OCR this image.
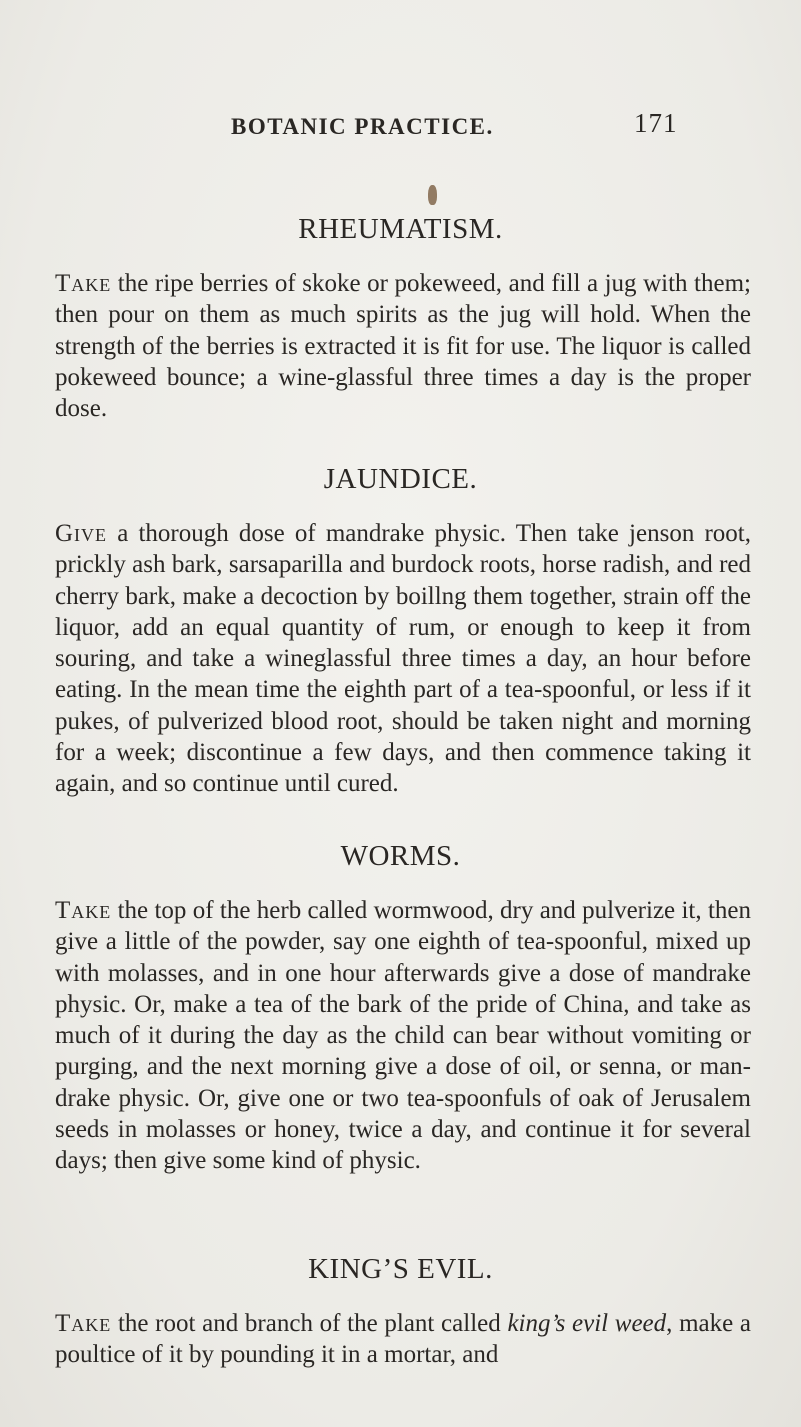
BOTANIC PRACTICE.	171
RHEUMATISM.

Take the ripe berries of skoke or pokeweed, and fill a jug with them; then pour on them as much spirits as the jug will hold. When the strength of the berries is extracted it is fit for use. The liquor is called pokeweed bounce; a wine-glassful three times a day is the proper dose.

JAUNDICE.

Give a thorough dose of mandrake physic. Then take jenson root, prickly ash bark, sarsaparilla and burdock roots, horse radish, and red cherry bark, make a decoction by boillng them together, strain off the liquor, add an equal quantity of rum, or enough to keep it from souring, and take a wineglassful three times a day, an hour before eating. In the mean time the eighth part of a tea-spoonful, or less if it pukes, of pulverized blood root, should be taken night and morning for a week; discontinue a few days, and then commence taking it again, and so continue until cured.

WORMS.

Take the top of the herb called wormwood, dry and pulverize it, then give a little of the powder, say one eighth of tea-spoonful, mixed up with molasses, and in one hour afterwards give a dose of mandrake physic. Or, make a tea of the bark of the pride of China, and take as much of it during the day as the child can bear without vomiting or purging, and the next morning give a dose of oil, or senna, or mandrake physic. Or, give one or two tea-spoonfuls of oak of Jerusalem seeds in molasses or honey, twice a day, and continue it for several days; then give some kind of physic.

KING’S EVIL.

Take the root and branch of the plant called king’s evil weed, make a poultice of it by pounding it in a mortar, and
